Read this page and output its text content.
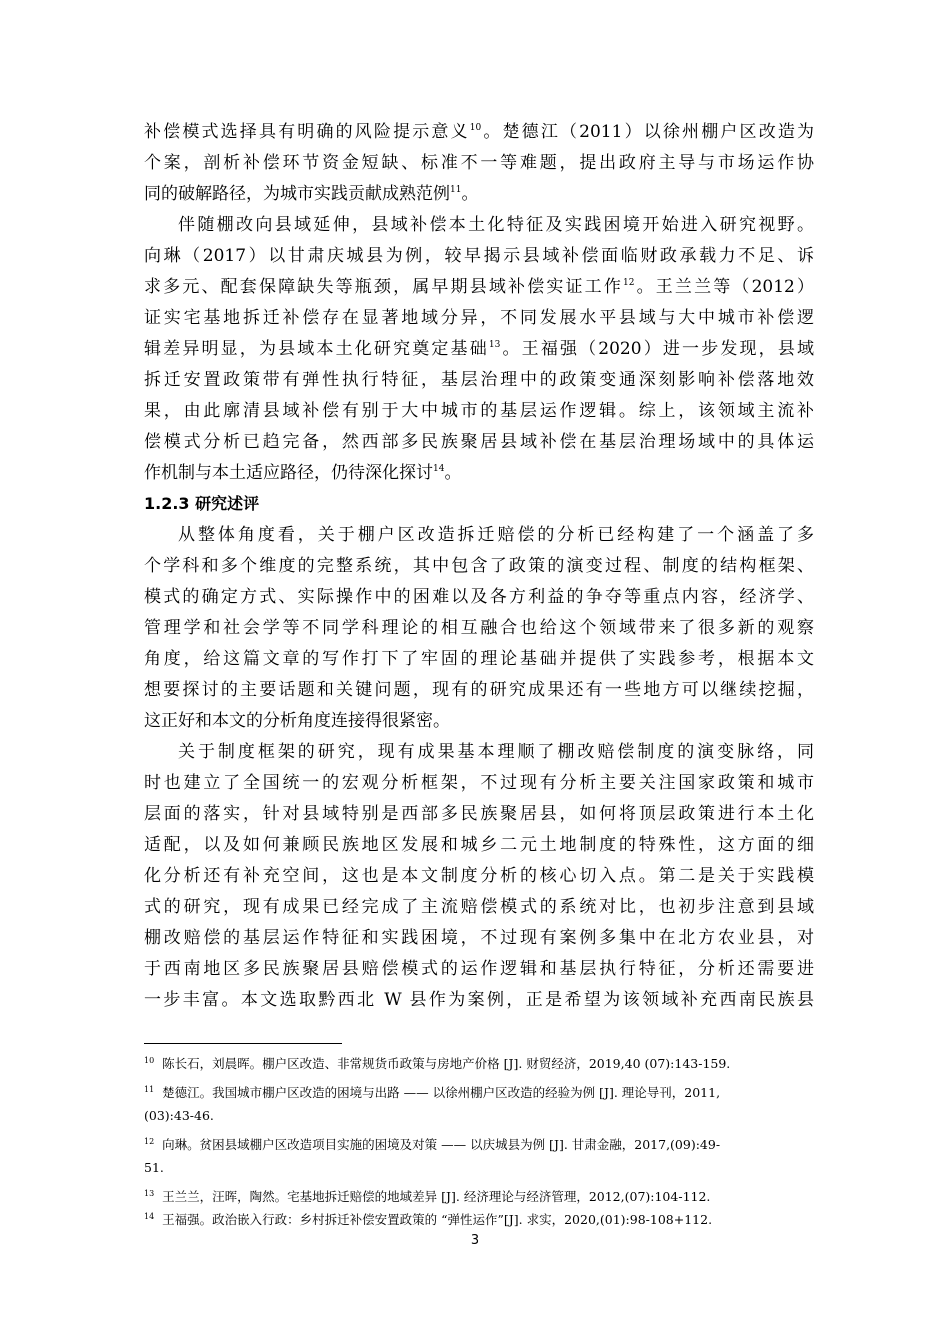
补偿模式选择具有明确的风险提示意义$^{10}$。楚德江（2011）以徐州棚户区改造为
个案，剖析补偿环节资金短缺、标准不一等难题，提出政府主导与市场运作协
同的破解路径，为城市实践贡献成熟范例$^{11}$。
伴随棚改向县域延伸，县域补偿本土化特征及实践困境开始进入研究视野。
向琳（2017）以甘肃庆城县为例，较早揭示县域补偿面临财政承载力不足、诉
求多元、配套保障缺失等瓶颈，属早期县域补偿实证工作$^{12}$。王兰兰等（2012）
证实宅基地拆迁补偿存在显著地域分异，不同发展水平县域与大中城市补偿逻
辑差异明显，为县域本土化研究奠定基础$^{13}$。王福强（2020）进一步发现，县域
拆迁安置政策带有弹性执行特征，基层治理中的政策变通深刻影响补偿落地效
果，由此廓清县域补偿有别于大中城市的基层运作逻辑。综上，该领域主流补
偿模式分析已趋完备，然西部多民族聚居县域补偿在基层治理场域中的具体运
作机制与本土适应路径，仍待深化探讨$^{14}$。
1.2.3 研究述评
从整体角度看，关于棚户区改造拆迁赔偿的分析已经构建了一个涵盖了多
个学科和多个维度的完整系统，其中包含了政策的演变过程、制度的结构框架、
模式的确定方式、实际操作中的困难以及各方利益的争夺等重点内容，经济学、
管理学和社会学等不同学科理论的相互融合也给这个领域带来了很多新的观察
角度，给这篇文章的写作打下了牢固的理论基础并提供了实践参考，根据本文
想要探讨的主要话题和关键问题，现有的研究成果还有一些地方可以继续挖掘，
这正好和本文的分析角度连接得很紧密。
关于制度框架的研究，现有成果基本理顺了棚改赔偿制度的演变脉络，同
时也建立了全国统一的宏观分析框架，不过现有分析主要关注国家政策和城市
层面的落实，针对县域特别是西部多民族聚居县，如何将顶层政策进行本土化
适配，以及如何兼顾民族地区发展和城乡二元土地制度的特殊性，这方面的细
化分析还有补充空间，这也是本文制度分析的核心切入点。第二是关于实践模
式的研究，现有成果已经完成了主流赔偿模式的系统对比，也初步注意到县域
棚改赔偿的基层运作特征和实践困境，不过现有案例多集中在北方农业县，对
于西南地区多民族聚居县赔偿模式的运作逻辑和基层执行特征，分析还需要进
一步丰富。本文选取黔西北 W 县作为案例，正是希望为该领域补充西南民族县
$^{10}$ 陈长石，刘晨晖。棚户区改造、非常规货币政策与房地产价格 [J]. 财贸经济，2019,40 (07):143-159.
$^{11}$ 楚德江。我国城市棚户区改造的困境与出路 —— 以徐州棚户区改造的经验为例 [J]. 理论导刊，2011,
(03):43-46.
$^{12}$ 向琳。贫困县域棚户区改造项目实施的困境及对策 —— 以庆城县为例 [J]. 甘肃金融，2017,(09):49-
51.
$^{13}$ 王兰兰，汪晖，陶然。宅基地拆迁赔偿的地域差异 [J]. 经济理论与经济管理，2012,(07):104-112.
$^{14}$ 王福强。政治嵌入行政：乡村拆迁补偿安置政策的 “弹性运作”[J]. 求实，2020,(01):98-108+112.
3
